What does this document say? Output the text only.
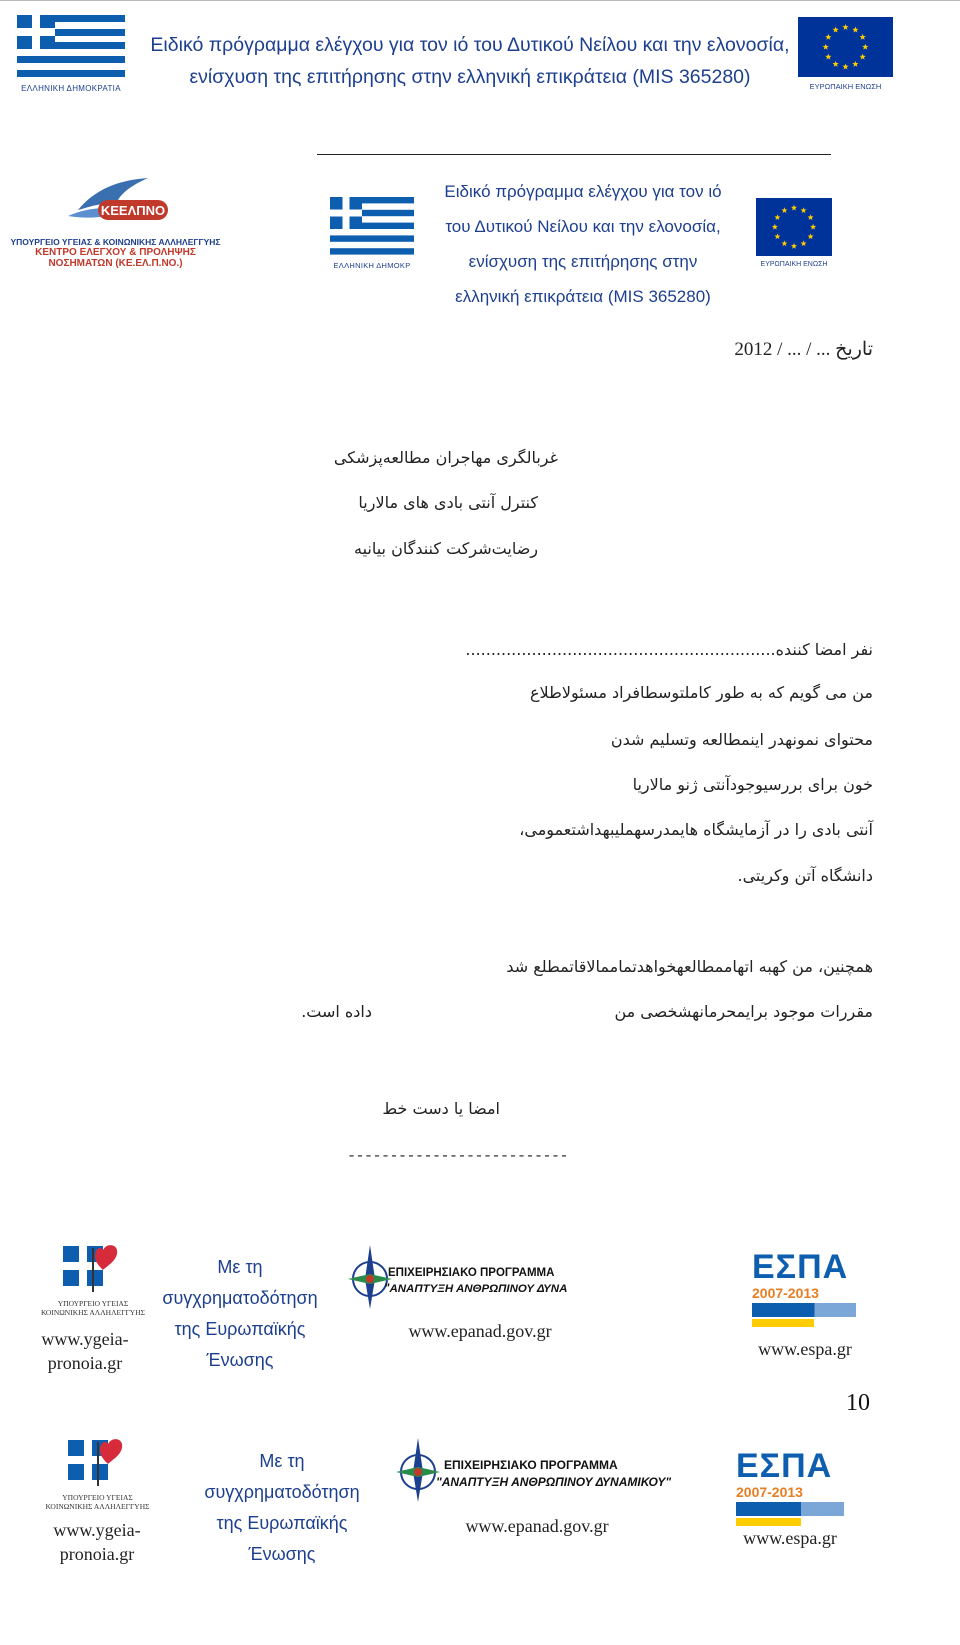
ΕΛΛΗΝΙΚΗ ΔΗΜΟΚΡΑΤΙΑ
Ειδικό πρόγραμμα ελέγχου για τον ιό του Δυτικού Νείλου και την ελονοσία,
ενίσχυση της επιτήρησης στην ελληνική επικράτεια (MIS 365280)	ΕΥΡΩΠΑΙΚΗ ΕΝΩΣΗ
ΚΕΕΛΠΝΟ
ΥΠΟΥΡΓΕΙΟ ΥΓΕΙΑΣ & ΚΟΙΝΩΝΙΚΗΣ ΑΛΛΗΛΕΓΓΥΗΣ
ΚΕΝΤΡΟ ΕΛΕΓΧΟΥ & ΠΡΟΛΗΨΗΣ
ΝΟΣΗΜΑΤΩΝ (ΚΕ.ΕΛ.Π.ΝΟ.)	ΕΛΛΗΝΙΚΗ ΔΗΜΟΚΡ
Ειδικό πρόγραμμα ελέγχου για τον ιό
του Δυτικού Νείλου και την ελονοσία,
ενίσχυση της επιτήρησης στην
ελληνική επικράτεια (MIS 365280)
ΕΥΡΩΠΑΙΚΗ ΕΝΩΣΗ
تاریخ ... / ... / 2012
غربالگری مهاجران مطالعه‌پزشکی
کنترل آنتی بادی های مالاریا
رضایت‌شرکت کنندگان بیانیه
نفر امضا کننده.............................................................
من می گویم که به طور کاملتوسطافراد مسئولاطلاع
محتوای نمونهدر اینمطالعه وتسلیم شدن
خون برای بررسیوجودآنتی ژنو مالاریا
آنتی بادی را در آزمایشگاه هایمدرسهملیبهداشتعمومی،
دانشگاه آتن وکریتی.
همچنین، من کهبه اتهاممطالعهخواهدتماممالاقاتمطلع شد
مقررات موجود برایمحرمانهشخصی من
داده است.
امضا یا دست خط
--------------------------
ΥΠΟΥΡΓΕΙΟ ΥΓΕΙΑΣ
ΚΟΙΝΩΝΙΚΗΣ ΑΛΛΗΛΕΓΓΥΗΣ
www.ygeia-
pronoia.gr
Με τη
συγχρηματοδότηση
της Ευρωπαϊκής
Ένωσης
ΕΠΙΧΕΙΡΗΣΙΑΚΟ ΠΡΟΓΡΑΜΜΑ
"ΑΝΑΠΤΥΞΗ ΑΝΘΡΩΠΙΝΟΥ ΔΥΝΑ
www.epanad.gov.gr
ΕΣΠΑ
2007-2013
www.espa.gr
10
ΥΠΟΥΡΓΕΙΟ ΥΓΕΙΑΣ
ΚΟΙΝΩΝΙΚΗΣ ΑΛΛΗΛΕΓΓΥΗΣ
www.ygeia-
pronoia.gr
Με τη
συγχρηματοδότηση
της Ευρωπαϊκής
Ένωσης
ΕΠΙΧΕΙΡΗΣΙΑΚΟ ΠΡΟΓΡΑΜΜΑ
"ΑΝΑΠΤΥΞΗ ΑΝΘΡΩΠΙΝΟΥ ΔΥΝΑΜΙΚΟΥ"
www.epanad.gov.gr
ΕΣΠΑ
2007-2013
www.espa.gr
